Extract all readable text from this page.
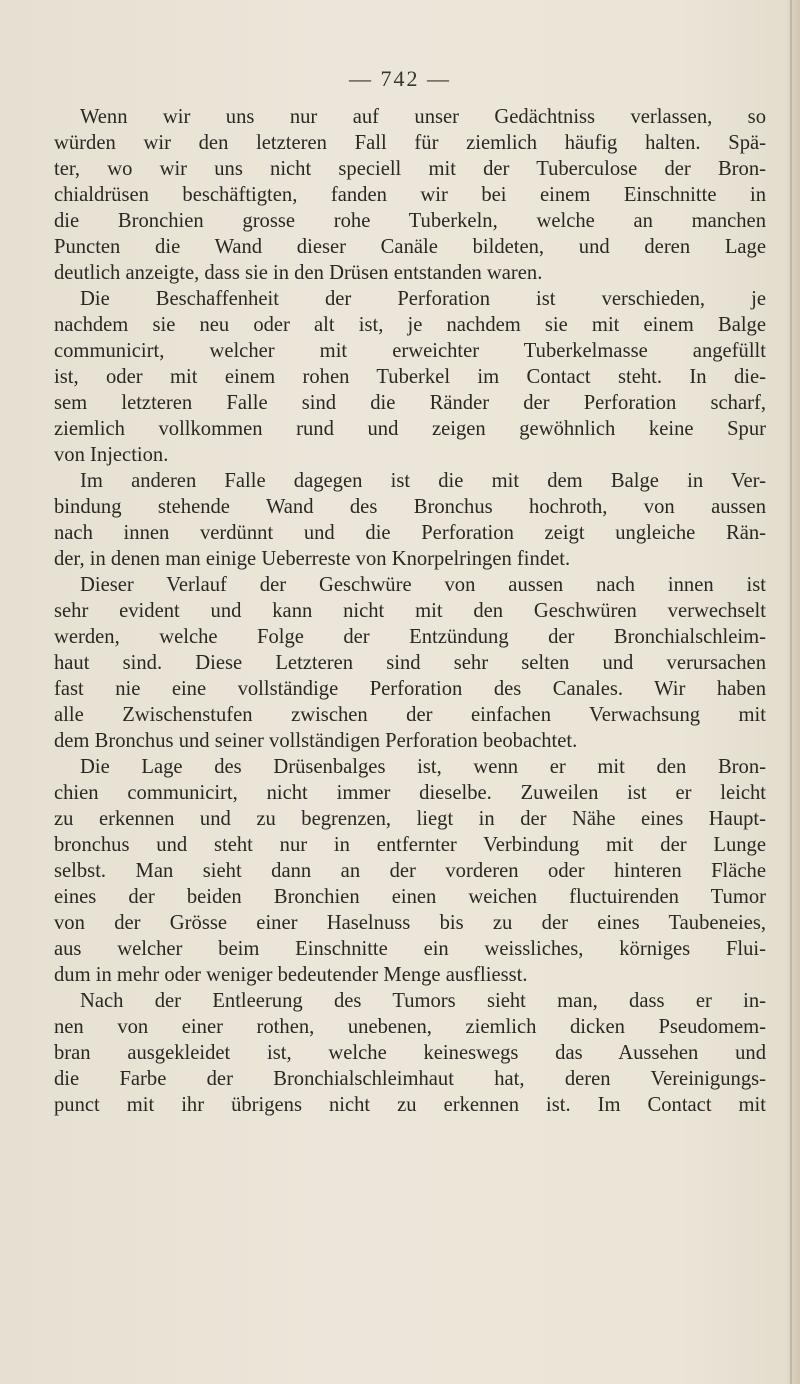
— 742 —
Wenn wir uns nur auf unser Gedächtniss verlassen, so
würden wir den letzteren Fall für ziemlich häufig halten. Spä-
ter, wo wir uns nicht speciell mit der Tuberculose der Bron-
chialdrüsen beschäftigten, fanden wir bei einem Einschnitte in
die Bronchien grosse rohe Tuberkeln, welche an manchen
Puncten die Wand dieser Canäle bildeten, und deren Lage
deutlich anzeigte, dass sie in den Drüsen entstanden waren.
Die Beschaffenheit der Perforation ist verschieden, je
nachdem sie neu oder alt ist, je nachdem sie mit einem Balge
communicirt, welcher mit erweichter Tuberkelmasse angefüllt
ist, oder mit einem rohen Tuberkel im Contact steht. In die-
sem letzteren Falle sind die Ränder der Perforation scharf,
ziemlich vollkommen rund und zeigen gewöhnlich keine Spur
von Injection.
Im anderen Falle dagegen ist die mit dem Balge in Ver-
bindung stehende Wand des Bronchus hochroth, von aussen
nach innen verdünnt und die Perforation zeigt ungleiche Rän-
der, in denen man einige Ueberreste von Knorpelringen findet.
Dieser Verlauf der Geschwüre von aussen nach innen ist
sehr evident und kann nicht mit den Geschwüren verwechselt
werden, welche Folge der Entzündung der Bronchialschleim-
haut sind. Diese Letzteren sind sehr selten und verursachen
fast nie eine vollständige Perforation des Canales. Wir haben
alle Zwischenstufen zwischen der einfachen Verwachsung mit
dem Bronchus und seiner vollständigen Perforation beobachtet.
Die Lage des Drüsenbalges ist, wenn er mit den Bron-
chien communicirt, nicht immer dieselbe. Zuweilen ist er leicht
zu erkennen und zu begrenzen, liegt in der Nähe eines Haupt-
bronchus und steht nur in entfernter Verbindung mit der Lunge
selbst. Man sieht dann an der vorderen oder hinteren Fläche
eines der beiden Bronchien einen weichen fluctuirenden Tumor
von der Grösse einer Haselnuss bis zu der eines Taubeneies,
aus welcher beim Einschnitte ein weissliches, körniges Flui-
dum in mehr oder weniger bedeutender Menge ausfliesst.
Nach der Entleerung des Tumors sieht man, dass er in-
nen von einer rothen, unebenen, ziemlich dicken Pseudomem-
bran ausgekleidet ist, welche keineswegs das Aussehen und
die Farbe der Bronchialschleimhaut hat, deren Vereinigungs-
punct mit ihr übrigens nicht zu erkennen ist. Im Contact mit
